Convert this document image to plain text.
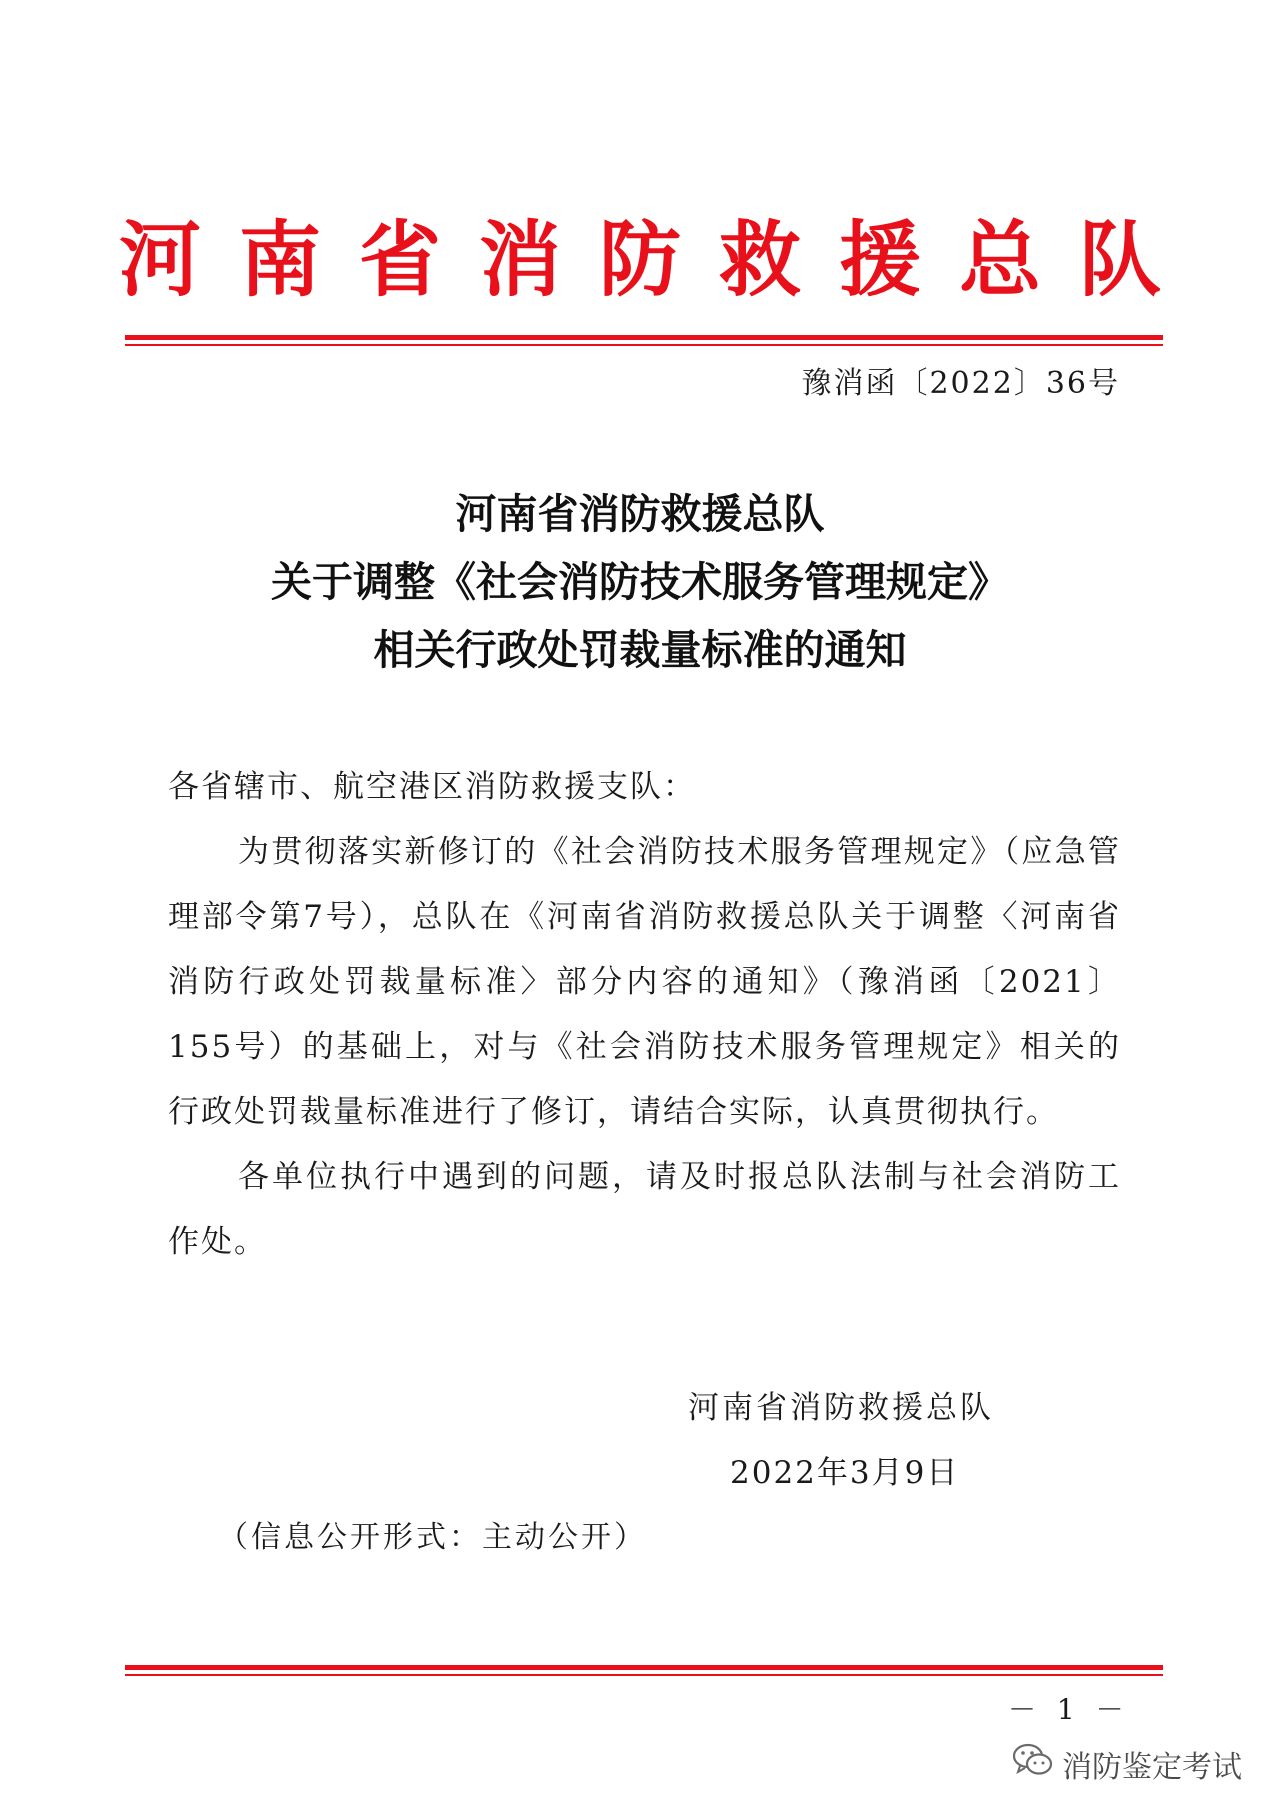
河南省消防救援总队
豫消函〔2022〕36号
河南省消防救援总队
关于调整《社会消防技术服务管理规定》
相关行政处罚裁量标准的通知

各省辖市、航空港区消防救援支队：

为贯彻落实新修订的《社会消防技术服务管理规定》（应急管理部令第7号），总队在《河南省消防救援总队关于调整〈河南省消防行政处罚裁量标准〉部分内容的通知》（豫消函〔2021〕155号）的基础上，对与《社会消防技术服务管理规定》相关的行政处罚裁量标准进行了修订，请结合实际，认真贯彻执行。

各单位执行中遇到的问题，请及时报总队法制与社会消防工作处。

河南省消防救援总队
2022年3月9日
（信息公开形式：主动公开）
－ 1 －
消防鉴定考试
